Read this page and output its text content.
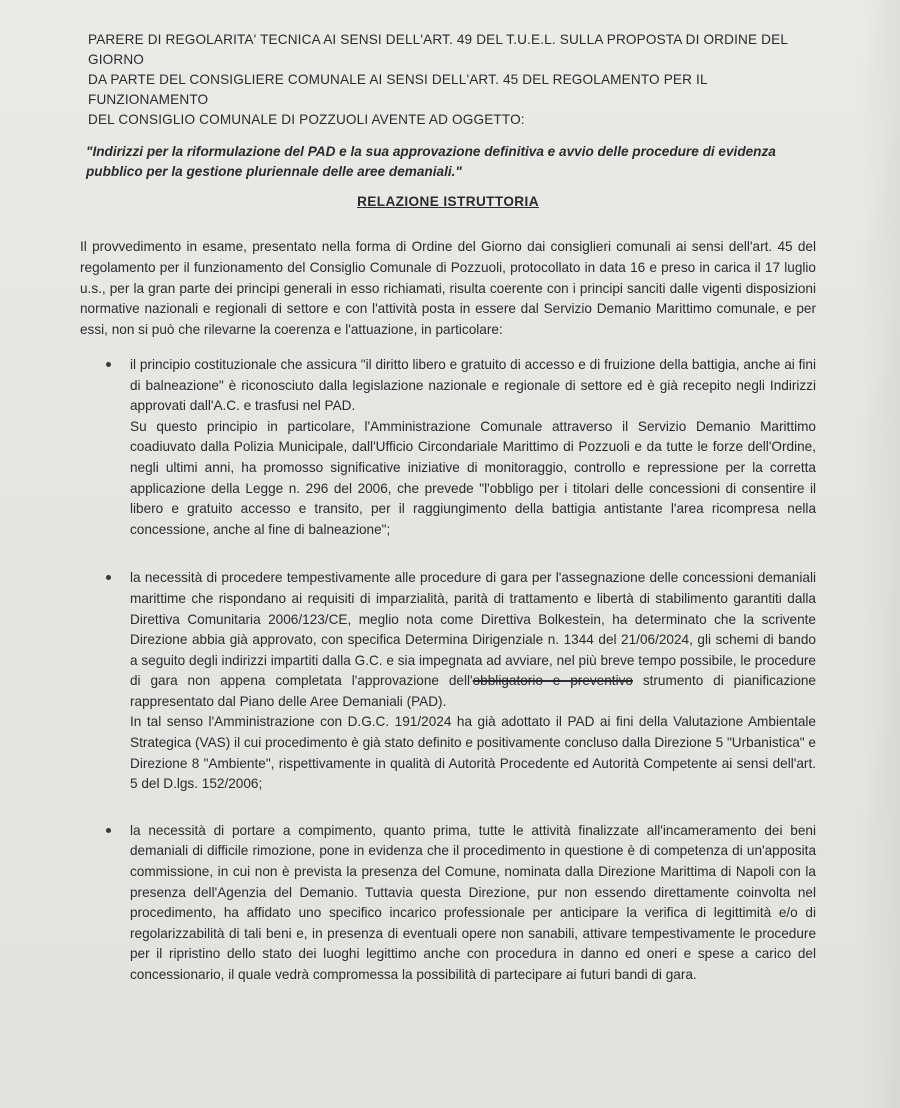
PARERE DI REGOLARITA' TECNICA AI SENSI DELL'ART. 49 DEL T.U.E.L. SULLA PROPOSTA DI ORDINE DEL GIORNO

DA PARTE DEL CONSIGLIERE COMUNALE AI SENSI DELL'ART. 45 DEL REGOLAMENTO PER IL FUNZIONAMENTO

DEL CONSIGLIO COMUNALE DI POZZUOLI AVENTE AD OGGETTO:

"Indirizzi per la riformulazione del PAD e la sua approvazione definitiva e avvio delle procedure di evidenza pubblico per la gestione pluriennale delle aree demaniali."

RELAZIONE ISTRUTTORIA

Il provvedimento in esame, presentato nella forma di Ordine del Giorno dai consiglieri comunali ai sensi dell'art. 45 del regolamento per il funzionamento del Consiglio Comunale di Pozzuoli, protocollato in data 16 e preso in carica il 17 luglio u.s., per la gran parte dei principi generali in esso richiamati, risulta coerente con i principi sanciti dalle vigenti disposizioni normative nazionali e regionali di settore e con l'attività posta in essere dal Servizio Demanio Marittimo comunale, e per essi, non si può che rilevarne la coerenza e l'attuazione, in particolare:

il principio costituzionale che assicura "il diritto libero e gratuito di accesso e di fruizione della battigia, anche ai fini di balneazione" è riconosciuto dalla legislazione nazionale e regionale di settore ed è già recepito negli Indirizzi approvati dall'A.C. e trasfusi nel PAD.

Su questo principio in particolare, l'Amministrazione Comunale attraverso il Servizio Demanio Marittimo coadiuvato dalla Polizia Municipale, dall'Ufficio Circondariale Marittimo di Pozzuoli e da tutte le forze dell'Ordine, negli ultimi anni, ha promosso significative iniziative di monitoraggio, controllo e repressione per la corretta applicazione della Legge n. 296 del 2006, che prevede "l'obbligo per i titolari delle concessioni di consentire il libero e gratuito accesso e transito, per il raggiungimento della battigia antistante l'area ricompresa nella concessione, anche al fine di balneazione";

la necessità di procedere tempestivamente alle procedure di gara per l'assegnazione delle concessioni demaniali marittime che rispondano ai requisiti di imparzialità, parità di trattamento e libertà di stabilimento garantiti dalla Direttiva Comunitaria 2006/123/CE, meglio nota come Direttiva Bolkestein, ha determinato che la scrivente Direzione abbia già approvato, con specifica Determina Dirigenziale n. 1344 del 21/06/2024, gli schemi di bando a seguito degli indirizzi impartiti dalla G.C. e sia impegnata ad avviare, nel più breve tempo possibile, le procedure di gara non appena completata l'approvazione dell'obbligatorio e preventivo strumento di pianificazione rappresentato dal Piano delle Aree Demaniali (PAD).

In tal senso l'Amministrazione con D.G.C. 191/2024 ha già adottato il PAD ai fini della Valutazione Ambientale Strategica (VAS) il cui procedimento è già stato definito e positivamente concluso dalla Direzione 5 "Urbanistica" e Direzione 8 "Ambiente", rispettivamente in qualità di Autorità Procedente ed Autorità Competente ai sensi dell'art. 5 del D.lgs. 152/2006;

la necessità di portare a compimento, quanto prima, tutte le attività finalizzate all'incameramento dei beni demaniali di difficile rimozione, pone in evidenza che il procedimento in questione è di competenza di un'apposita commissione, in cui non è prevista la presenza del Comune, nominata dalla Direzione Marittima di Napoli con la presenza dell'Agenzia del Demanio. Tuttavia questa Direzione, pur non essendo direttamente coinvolta nel procedimento, ha affidato uno specifico incarico professionale per anticipare la verifica di legittimità e/o di regolarizzabilità di tali beni e, in presenza di eventuali opere non sanabili, attivare tempestivamente le procedure per il ripristino dello stato dei luoghi legittimo anche con procedura in danno ed oneri e spese a carico del concessionario, il quale vedrà compromessa la possibilità di partecipare ai futuri bandi di gara.
